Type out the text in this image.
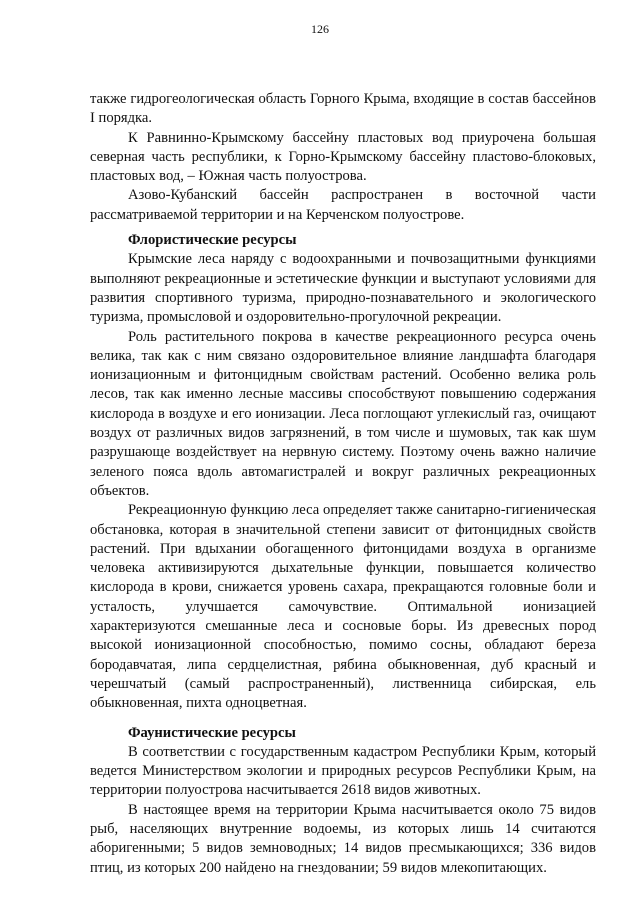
126

также гидрогеологическая область Горного Крыма, входящие в состав бассейнов I порядка.

К Равнинно-Крымскому бассейну пластовых вод приурочена большая северная часть республики, к Горно-Крымскому бассейну пластово-блоковых, пластовых вод, – Южная часть полуострова.

Азово-Кубанский бассейн распространен в восточной части рассматриваемой территории и на Керченском полуострове.

Флористические ресурсы

Крымские леса наряду с водоохранными и почвозащитными функциями выполняют рекреационные и эстетические функции и выступают условиями для развития спортивного туризма, природно-познавательного и экологического туризма, промысловой и оздоровительно-прогулочной рекреации.

Роль растительного покрова в качестве рекреационного ресурса очень велика, так как с ним связано оздоровительное влияние ландшафта благодаря ионизационным и фитонцидным свойствам растений. Особенно велика роль лесов, так как именно лесные массивы способствуют повышению содержания кислорода в воздухе и его ионизации. Леса поглощают углекислый газ, очищают воздух от различных видов загрязнений, в том числе и шумовых, так как шум разрушающе воздействует на нервную систему. Поэтому очень важно наличие зеленого пояса вдоль автомагистралей и вокруг различных рекреационных объектов.

Рекреационную функцию леса определяет также санитарно-гигиеническая обстановка, которая в значительной степени зависит от фитонцидных свойств растений. При вдыхании обогащенного фитонцидами воздуха в организме человека активизируются дыхательные функции, повышается количество кислорода в крови, снижается уровень сахара, прекращаются головные боли и усталость, улучшается самочувствие. Оптимальной ионизацией характеризуются смешанные леса и сосновые боры. Из древесных пород высокой ионизационной способностью, помимо сосны, обладают береза бородавчатая, липа сердцелистная, рябина обыкновенная, дуб красный и черешчатый (самый распространенный), лиственница сибирская, ель обыкновенная, пихта одноцветная.

Фаунистические ресурсы

В соответствии с государственным кадастром Республики Крым, который ведется Министерством экологии и природных ресурсов Республики Крым, на территории полуострова насчитывается 2618 видов животных.

В настоящее время на территории Крыма насчитывается около 75 видов рыб, населяющих внутренние водоемы, из которых лишь 14 считаются аборигенными; 5 видов земноводных; 14 видов пресмыкающихся; 336 видов птиц, из которых 200 найдено на гнездовании; 59 видов млекопитающих.
